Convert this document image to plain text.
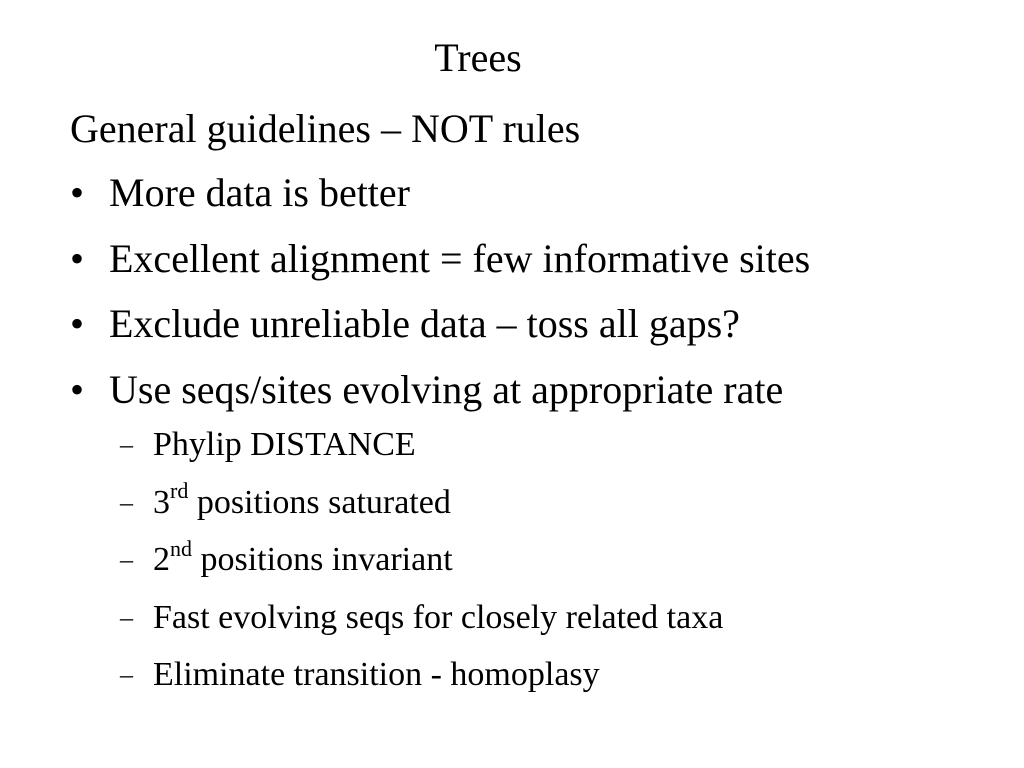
Trees
General guidelines – NOT rules
• More data is better
• Excellent alignment = few informative sites
• Exclude unreliable data – toss all gaps?
• Use seqs/sites evolving at appropriate rate
– Phylip DISTANCE
– 3rd positions saturated
– 2nd positions invariant
– Fast evolving seqs for closely related taxa
– Eliminate transition - homoplasy
